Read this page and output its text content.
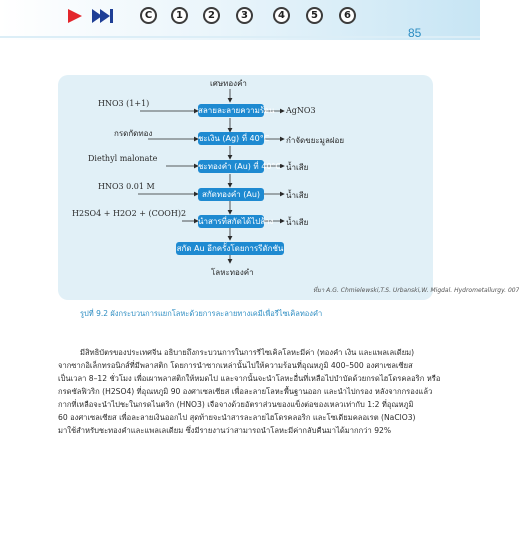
C	1	2	3	4	5	6
85
เศษทองคำ
สลายละลายความร้อน
ชะเงิน (Ag) ที่ 40°C
ชะทองคำ (Au) ที่ 40°C
สกัดทองคำ (Au)
นำสารที่สกัดได้ไปล้าง
สกัด Au อีกครั้งโดยการรีดักชัน
โลหะทองคำ
HNO3 (1+1)
กรดกัดทอง
Diethyl malonate
HNO3 0.01 M
H2SO4 + H2O2 + (COOH)2
AgNO3
กำจัดขยะมูลฝอย
น้ำเสีย
น้ำเสีย
น้ำเสีย
ที่มา A.G. Chmielewski,T.S. Urbanski,W. Migdal. Hydrometallurgy. 007
รูปที่ 9.2 ผังกระบวนการแยกโลหะด้วยการละลายทางเคมีเพื่อรีไซเคิลทองคำ
มีสิทธิบัตรของประเทศจีน อธิบายถึงกระบวนการในการรีไซเคิลโลหะมีค่า (ทองคำ เงิน และแพลเลเดียม)
จากซากอิเล็กทรอนิกส์ที่มีพลาสติก โดยการนำซากเหล่านั้นไปให้ความร้อนที่อุณหภูมิ 400–500 องศาเซลเซียส
เป็นเวลา 8–12 ชั่วโมง เพื่อเผาพลาสติกให้หมดไป และจากนั้นจะนำโลหะอื่นที่เหลือไปบำบัดด้วยกรดไฮโดรคลอริก หรือ
กรดซัลฟิวริก (H2SO4) ที่อุณหภูมิ 90 องศาเซลเซียส เพื่อละลายโลหะพื้นฐานออก และนำไปกรอง หลังจากกรองแล้ว
กากที่เหลือจะนำไปชะในกรดไนตริก (HNO3) เจือจางด้วยอัตราส่วนของแข็งต่อของเหลวเท่ากับ 1:2 ที่อุณหภูมิ
60 องศาเซลเซียส เพื่อละลายเงินออกไป สุดท้ายจะนำสารละลายไฮโดรคลอริก และโซเดียมคลอเรต (NaClO3)
มาใช้สำหรับชะทองคำและแพลเลเดียม ซึ่งมีรายงานว่าสามารถนำโลหะมีค่ากลับคืนมาได้มากกว่า 92%
